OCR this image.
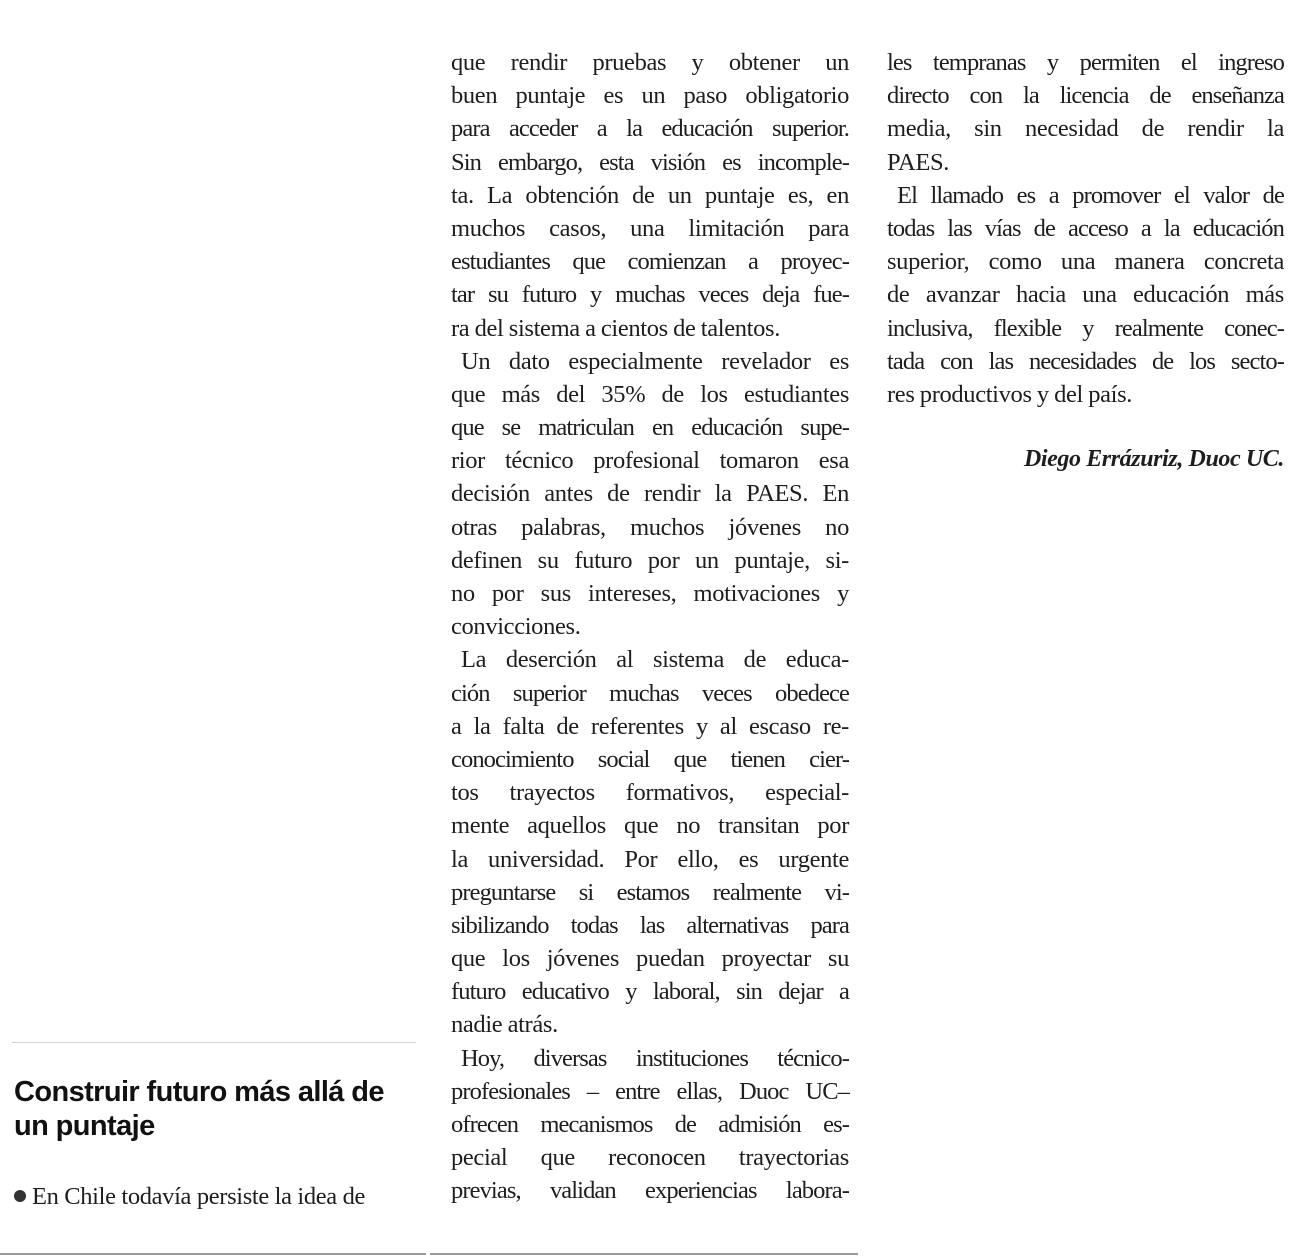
Construir futuro más allá de un puntaje
En Chile todavía persiste la idea de
que rendir pruebas y obtener un
buen puntaje es un paso obligatorio
para acceder a la educación superior.
Sin embargo, esta visión es incomple-
ta. La obtención de un puntaje es, en
muchos casos, una limitación para
estudiantes que comienzan a proyec-
tar su futuro y muchas veces deja fue-
ra del sistema a cientos de talentos.
Un dato especialmente revelador es
que más del 35% de los estudiantes
que se matriculan en educación supe-
rior técnico profesional tomaron esa
decisión antes de rendir la PAES. En
otras palabras, muchos jóvenes no
definen su futuro por un puntaje, si-
no por sus intereses, motivaciones y
convicciones.
La deserción al sistema de educa-
ción superior muchas veces obedece
a la falta de referentes y al escaso re-
conocimiento social que tienen cier-
tos trayectos formativos, especial-
mente aquellos que no transitan por
la universidad. Por ello, es urgente
preguntarse si estamos realmente vi-
sibilizando todas las alternativas para
que los jóvenes puedan proyectar su
futuro educativo y laboral, sin dejar a
nadie atrás.
Hoy, diversas instituciones técnico-
profesionales – entre ellas, Duoc UC–
ofrecen mecanismos de admisión es-
pecial que reconocen trayectorias
previas, validan experiencias labora-
les tempranas y permiten el ingreso
directo con la licencia de enseñanza
media, sin necesidad de rendir la
PAES.
El llamado es a promover el valor de
todas las vías de acceso a la educación
superior, como una manera concreta
de avanzar hacia una educación más
inclusiva, flexible y realmente conec-
tada con las necesidades de los secto-
res productivos y del país.
Diego Errázuriz, Duoc UC.
